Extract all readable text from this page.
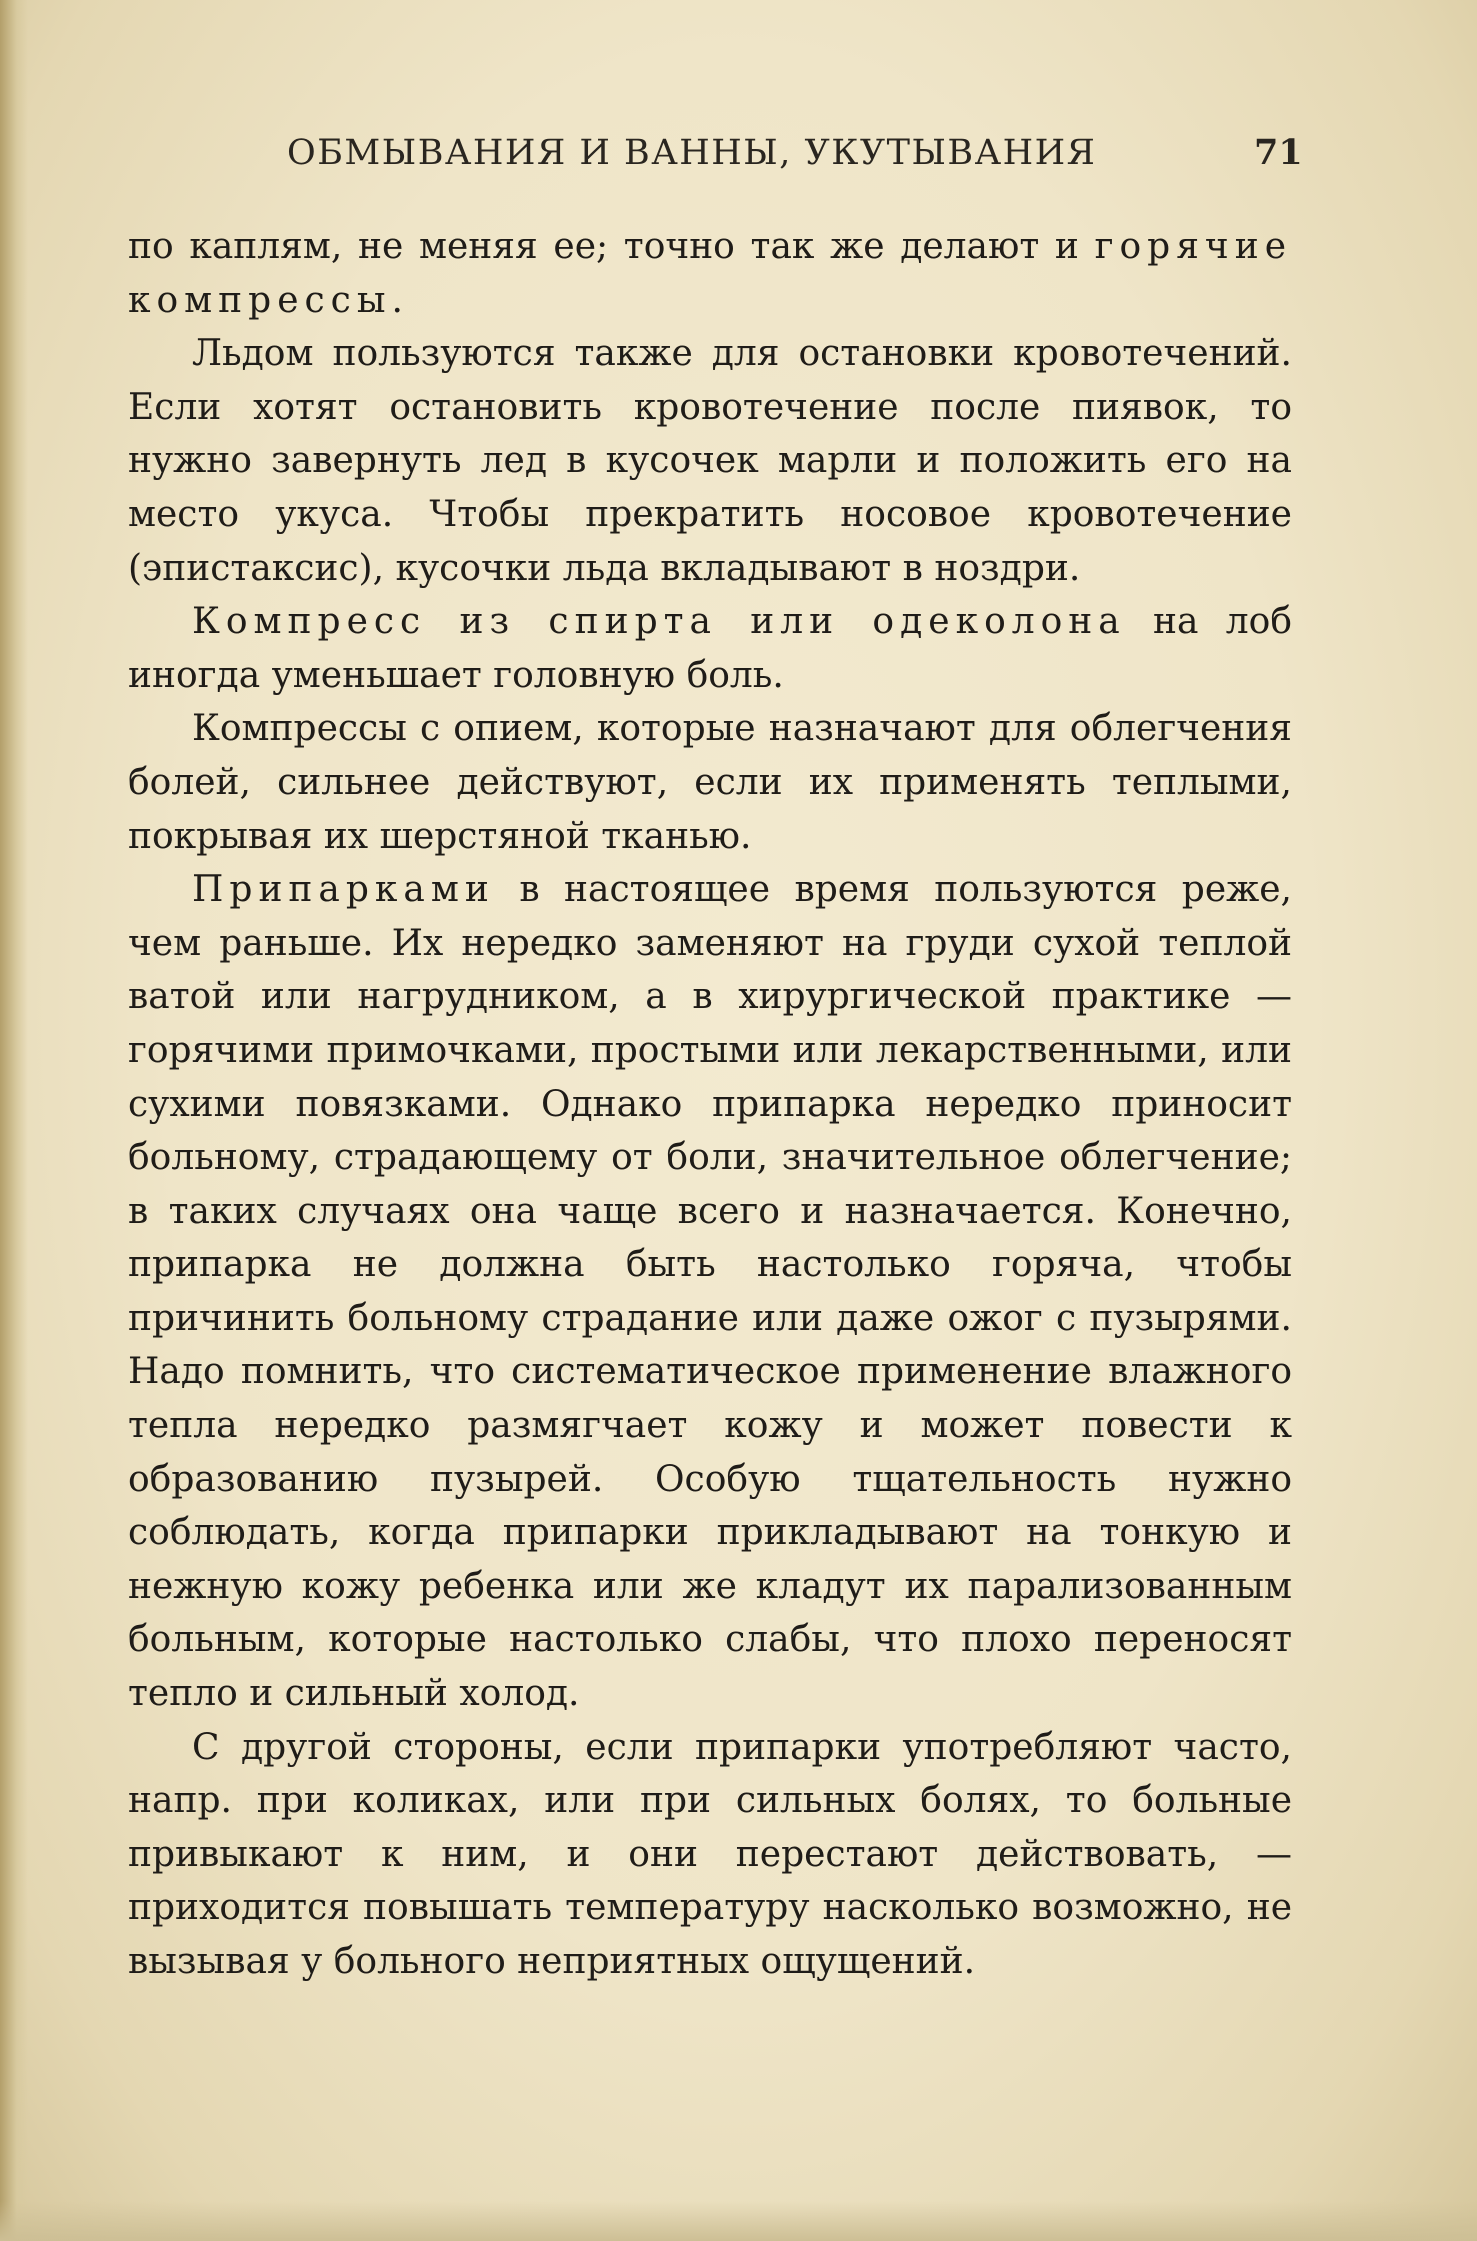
ОБМЫВАНИЯ И ВАННЫ, УКУТЫВАНИЯ	71

по каплям, не меняя ее; точно так же делают и горячие компрессы.

Льдом пользуются также для остановки кровотечений. Если хотят остановить кровотечение после пиявок, то нужно завернуть лед в кусочек марли и положить его на место укуса. Чтобы прекратить носовое кровотечение (эпистаксис), кусочки льда вкладывают в ноздри.

Компресс из спирта или одеколона на лоб иногда уменьшает головную боль.

Компрессы с опием, которые назначают для облегчения болей, сильнее действуют, если их применять теплыми, покрывая их шерстяной тканью.

Припарками в настоящее время пользуются реже, чем раньше. Их нередко заменяют на груди сухой теплой ватой или нагрудником, а в хирургической практике — горячими примочками, простыми или лекарственными, или сухими повязками. Однако припарка нередко приносит больному, страдающему от боли, значительное облегчение; в таких случаях она чаще всего и назначается. Конечно, припарка не должна быть настолько горяча, чтобы причинить больному страдание или даже ожог с пузырями. Надо помнить, что систематическое применение влажного тепла нередко размягчает кожу и может повести к образованию пузырей. Особую тщательность нужно соблюдать, когда припарки прикладывают на тонкую и нежную кожу ребенка или же кладут их парализованным больным, которые настолько слабы, что плохо переносят тепло и сильный холод.

С другой стороны, если припарки употребляют часто, напр. при коликах, или при сильных болях, то больные привыкают к ним, и они перестают действовать, — приходится повышать температуру насколько возможно, не вызывая у больного неприятных ощущений.
